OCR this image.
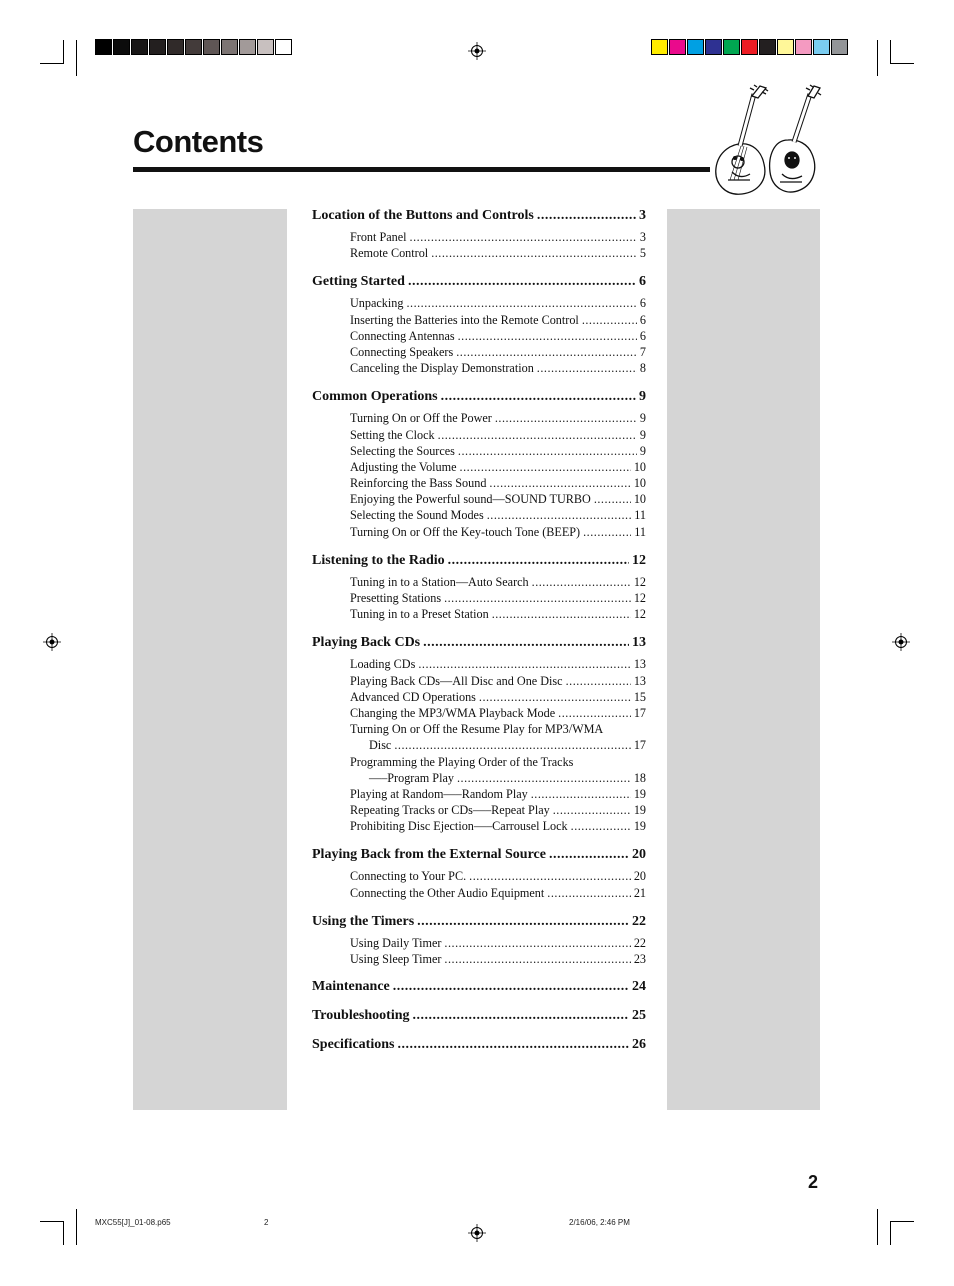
Contents
Location of the Buttons and Controls .....	3
Front Panel .....	3
Remote Control .....	5
Getting Started .....	6
Unpacking .....	6
Inserting the Batteries into the Remote Control .....	6
Connecting Antennas .....	6
Connecting Speakers .....	7
Canceling the Display Demonstration .....	8
Common Operations .....	9
Turning On or Off the Power .....	9
Setting the Clock .....	9
Selecting the Sources .....	9
Adjusting the Volume .....	10
Reinforcing the Bass Sound .....	10
Enjoying the Powerful sound—SOUND TURBO .....	10
Selecting the Sound Modes .....	11
Turning On or Off the Key-touch Tone (BEEP) .....	11
Listening to the Radio .....	12
Tuning in to a Station—Auto Search .....	12
Presetting Stations .....	12
Tuning in to a Preset Station .....	12
Playing Back CDs .....	13
Loading CDs .....	13
Playing Back CDs—All Disc and One Disc .....	13
Advanced CD Operations .....	15
Changing the MP3/WMA Playback Mode .....	17
Turning On or Off the Resume Play for MP3/WMA
Disc .....	17
Programming the Playing Order of the Tracks
—–Program Play .....	18
Playing at Random—–Random Play .....	19
Repeating Tracks or CDs—–Repeat Play .....	19
Prohibiting Disc Ejection—–Carrousel Lock .....	19
Playing Back from the External Source .....	20
Connecting to Your PC. .....	20
Connecting the Other Audio Equipment .....	21
Using the Timers .....	22
Using Daily Timer .....	22
Using Sleep Timer .....	23
Maintenance .....	24
Troubleshooting .....	25
Specifications .....	26

2

MXC55[J]_01-08.p65	2	2/16/06, 2:46 PM
